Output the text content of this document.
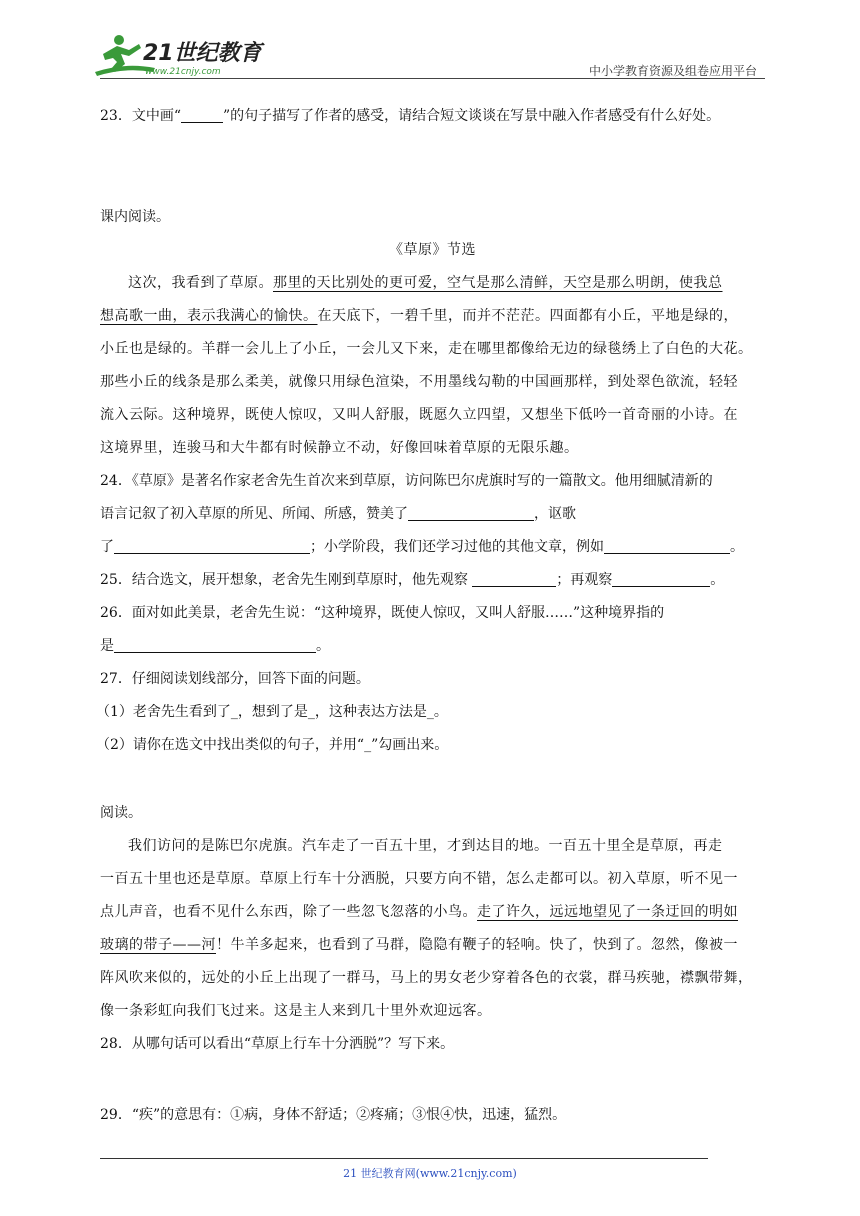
21世纪教育
www.21cnjy.com	中小学教育资源及组卷应用平台

23．文中画“	”的句子描写了作者的感受，请结合短文谈谈在写景中融入作者感受有什么好处。

课内阅读。

《草原》节选

这次，我看到了草原。那里的天比别处的更可爱，空气是那么清鲜，天空是那么明朗，使我总

想高歌一曲，表示我满心的愉快。在天底下，一碧千里，而并不茫茫。四面都有小丘，平地是绿的，

小丘也是绿的。羊群一会儿上了小丘，一会儿又下来，走在哪里都像给无边的绿毯绣上了白色的大花。

那些小丘的线条是那么柔美，就像只用绿色渲染，不用墨线勾勒的中国画那样，到处翠色欲流，轻轻

流入云际。这种境界，既使人惊叹，又叫人舒服，既愿久立四望，又想坐下低吟一首奇丽的小诗。在

这境界里，连骏马和大牛都有时候静立不动，好像回味着草原的无限乐趣。

24．《草原》是著名作家老舍先生首次来到草原，访问陈巴尔虎旗时写的一篇散文。他用细腻清新的

语言记叙了初入草原的所见、所闻、所感，赞美了	，讴歌

了	；小学阶段，我们还学习过他的其他文章，例如	。

25．结合选文，展开想象，老舍先生刚到草原时，他先观察	；再观察	。

26．面对如此美景，老舍先生说：“这种境界，既使人惊叹，又叫人舒服……”这种境界指的

是	。

27．仔细阅读划线部分，回答下面的问题。

（1）老舍先生看到了_，想到了是_，这种表达方法是_。

（2）请你在选文中找出类似的句子，并用“_”勾画出来。

阅读。

我们访问的是陈巴尔虎旗。汽车走了一百五十里，才到达目的地。一百五十里全是草原，再走

一百五十里也还是草原。草原上行车十分洒脱，只要方向不错，怎么走都可以。初入草原，听不见一

点儿声音，也看不见什么东西，除了一些忽飞忽落的小鸟。走了许久，远远地望见了一条迂回的明如

玻璃的带子——河！牛羊多起来，也看到了马群，隐隐有鞭子的轻响。快了，快到了。忽然，像被一

阵风吹来似的，远处的小丘上出现了一群马，马上的男女老少穿着各色的衣裳，群马疾驰，襟飘带舞，

像一条彩虹向我们飞过来。这是主人来到几十里外欢迎远客。

28．从哪句话可以看出“草原上行车十分洒脱”？写下来。

29．“疾”的意思有：①病，身体不舒适；②疼痛；③恨④快，迅速，猛烈。

21 世纪教育网(www.21cnjy.com)
